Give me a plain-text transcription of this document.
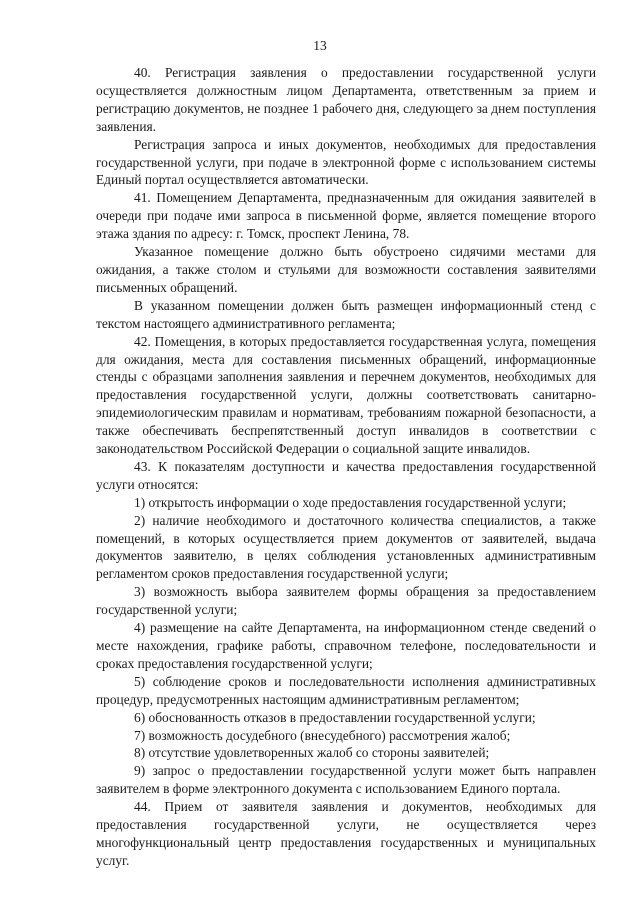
13

40. Регистрация заявления о предоставлении государственной услуги осуществляется должностным лицом Департамента, ответственным за прием и регистрацию документов, не позднее 1 рабочего дня, следующего за днем поступления заявления.

Регистрация запроса и иных документов, необходимых для предоставления государственной услуги, при подаче в электронной форме с использованием системы Единый портал осуществляется автоматически.

41. Помещением Департамента, предназначенным для ожидания заявителей в очереди при подаче ими запроса в письменной форме, является помещение второго этажа здания по адресу: г. Томск, проспект Ленина, 78.

Указанное помещение должно быть обустроено сидячими местами для ожидания, а также столом и стульями для возможности составления заявителями письменных обращений.

В указанном помещении должен быть размещен информационный стенд с текстом настоящего административного регламента;

42. Помещения, в которых предоставляется государственная услуга, помещения для ожидания, места для составления письменных обращений, информационные стенды с образцами заполнения заявления и перечнем документов, необходимых для предоставления государственной услуги, должны соответствовать санитарно-эпидемиологическим правилам и нормативам, требованиям пожарной безопасности, а также обеспечивать беспрепятственный доступ инвалидов в соответствии с законодательством Российской Федерации о социальной защите инвалидов.

43. К показателям доступности и качества предоставления государственной услуги относятся:

1) открытость информации о ходе предоставления государственной услуги;

2) наличие необходимого и достаточного количества специалистов, а также помещений, в которых осуществляется прием документов от заявителей, выдача документов заявителю, в целях соблюдения установленных административным регламентом сроков предоставления государственной услуги;

3) возможность выбора заявителем формы обращения за предоставлением государственной услуги;

4) размещение на сайте Департамента, на информационном стенде сведений о месте нахождения, графике работы, справочном телефоне, последовательности и сроках предоставления государственной услуги;

5) соблюдение сроков и последовательности исполнения административных процедур, предусмотренных настоящим административным регламентом;

6) обоснованность отказов в предоставлении государственной услуги;

7) возможность досудебного (внесудебного) рассмотрения жалоб;

8) отсутствие удовлетворенных жалоб со стороны заявителей;

9) запрос о предоставлении государственной услуги может быть направлен заявителем в форме электронного документа с использованием Единого портала.

44. Прием от заявителя заявления и документов, необходимых для предоставления государственной услуги, не осуществляется через многофункциональный центр предоставления государственных и муниципальных услуг.
